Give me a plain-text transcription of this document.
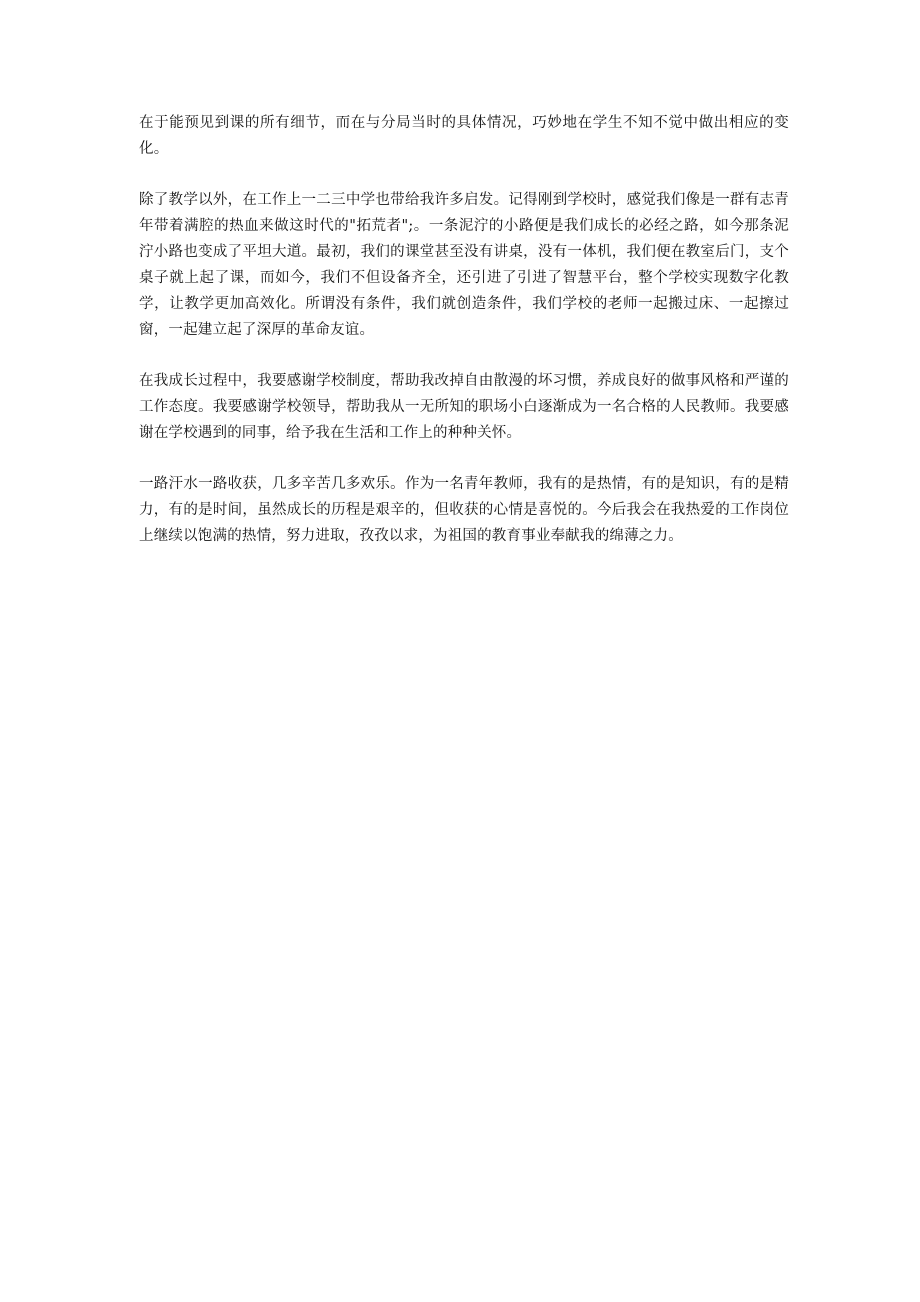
在于能预见到课的所有细节，而在与分局当时的具体情况，巧妙地在学生不知不觉中做出相应的变化。

除了教学以外，在工作上一二三中学也带给我许多启发。记得刚到学校时，感觉我们像是一群有志青年带着满腔的热血来做这时代的"拓荒者";。一条泥泞的小路便是我们成长的必经之路，如今那条泥泞小路也变成了平坦大道。最初，我们的课堂甚至没有讲桌，没有一体机，我们便在教室后门，支个桌子就上起了课，而如今，我们不但设备齐全，还引进了引进了智慧平台，整个学校实现数字化教学，让教学更加高效化。所谓没有条件，我们就创造条件，我们学校的老师一起搬过床、一起擦过窗，一起建立起了深厚的革命友谊。

在我成长过程中，我要感谢学校制度，帮助我改掉自由散漫的坏习惯，养成良好的做事风格和严谨的工作态度。我要感谢学校领导，帮助我从一无所知的职场小白逐渐成为一名合格的人民教师。我要感谢在学校遇到的同事，给予我在生活和工作上的种种关怀。

一路汗水一路收获，几多辛苦几多欢乐。作为一名青年教师，我有的是热情，有的是知识，有的是精力，有的是时间，虽然成长的历程是艰辛的，但收获的心情是喜悦的。今后我会在我热爱的工作岗位上继续以饱满的热情，努力进取，孜孜以求，为祖国的教育事业奉献我的绵薄之力。
